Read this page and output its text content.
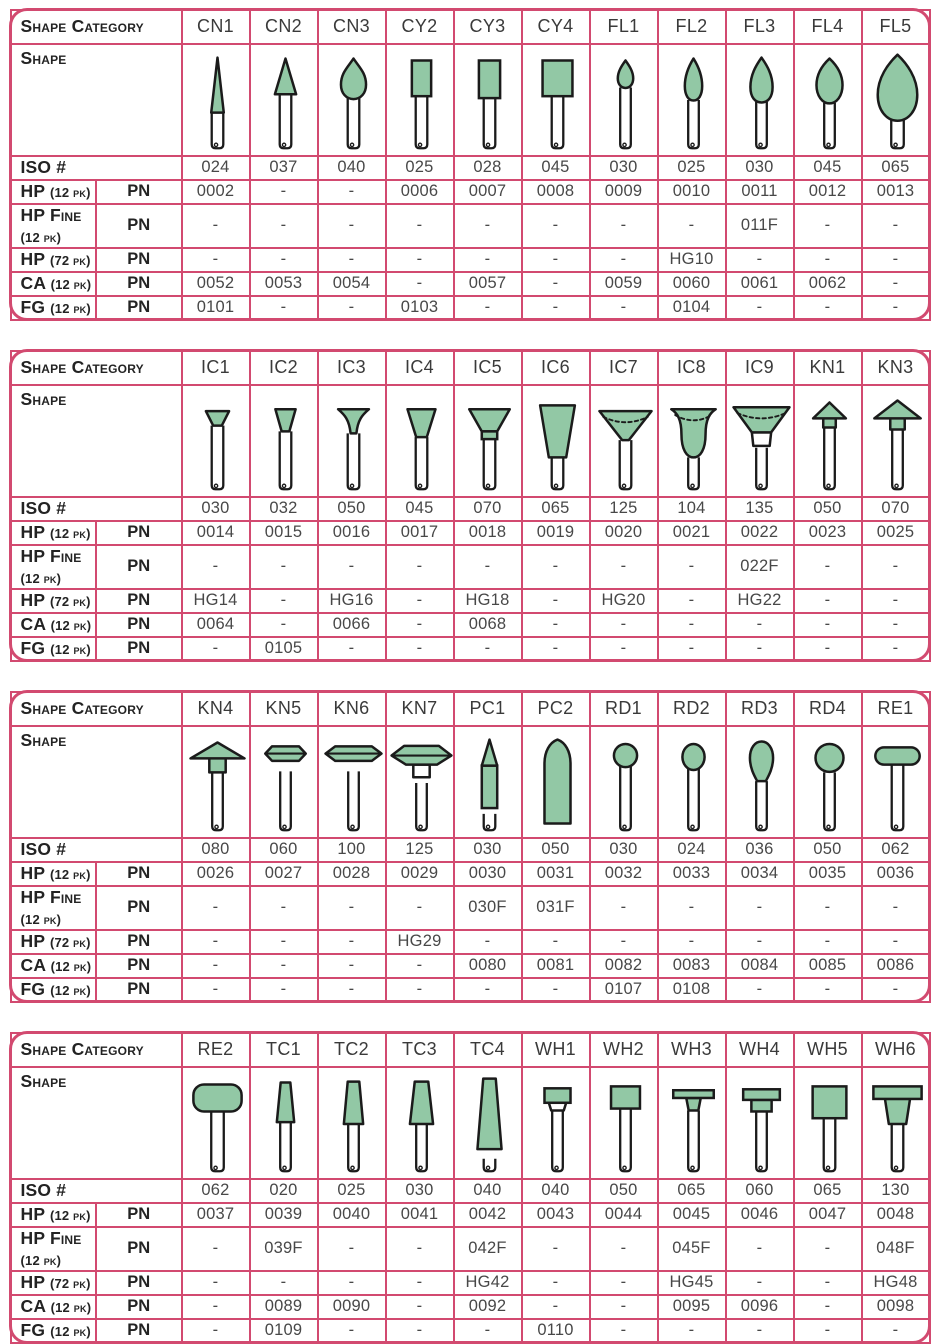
Shape Category		CN1	CN2	CN3	CY2	CY3	CY4	FL1	FL2	FL3	FL4	FL5
Shape	

ISO #		024	037	040	025	028	045	030	025	030	045	065
HP (12 pk)	PN	0002	-	-	0006	0007	0008	0009	0010	0011	0012	0013
HP Fine (12 pk)	PN	-	-	-	-	-	-	-	-	011F	-	-
HP (72 pk)	PN	-	-	-	-	-	-	-	HG10	-	-	-
CA (12 pk)	PN	0052	0053	0054	-	0057	-	0059	0060	0061	0062	-
FG (12 pk)	PN	0101	-	-	0103	-	-	-	0104	-	-	-
Shape Category		IC1	IC2	IC3	IC4	IC5	IC6	IC7	IC8	IC9	KN1	KN3
Shape	

ISO #		030	032	050	045	070	065	125	104	135	050	070
HP (12 pk)	PN	0014	0015	0016	0017	0018	0019	0020	0021	0022	0023	0025
HP Fine (12 pk)	PN	-	-	-	-	-	-	-	-	022F	-	-
HP (72 pk)	PN	HG14	-	HG16	-	HG18	-	HG20	-	HG22	-	-
CA (12 pk)	PN	0064	-	0066	-	0068	-	-	-	-	-	-
FG (12 pk)	PN	-	0105	-	-	-	-	-	-	-	-	-
Shape Category		KN4	KN5	KN6	KN7	PC1	PC2	RD1	RD2	RD3	RD4	RE1
Shape	

ISO #		080	060	100	125	030	050	030	024	036	050	062
HP (12 pk)	PN	0026	0027	0028	0029	0030	0031	0032	0033	0034	0035	0036
HP Fine (12 pk)	PN	-	-	-	-	030F	031F	-	-	-	-	-
HP (72 pk)	PN	-	-	-	HG29	-	-	-	-	-	-	-
CA (12 pk)	PN	-	-	-	-	0080	0081	0082	0083	0084	0085	0086
FG (12 pk)	PN	-	-	-	-	-	-	0107	0108	-	-	-
Shape Category		RE2	TC1	TC2	TC3	TC4	WH1	WH2	WH3	WH4	WH5	WH6
Shape	

ISO #		062	020	025	030	040	040	050	065	060	065	130
HP (12 pk)	PN	0037	0039	0040	0041	0042	0043	0044	0045	0046	0047	0048
HP Fine (12 pk)	PN	-	039F	-	-	042F	-	-	045F	-	-	048F
HP (72 pk)	PN	-	-	-	-	HG42	-	-	HG45	-	-	HG48
CA (12 pk)	PN	-	0089	0090	-	0092	-	-	0095	0096	-	0098
FG (12 pk)	PN	-	0109	-	-	-	0110	-	-	-	-	-
